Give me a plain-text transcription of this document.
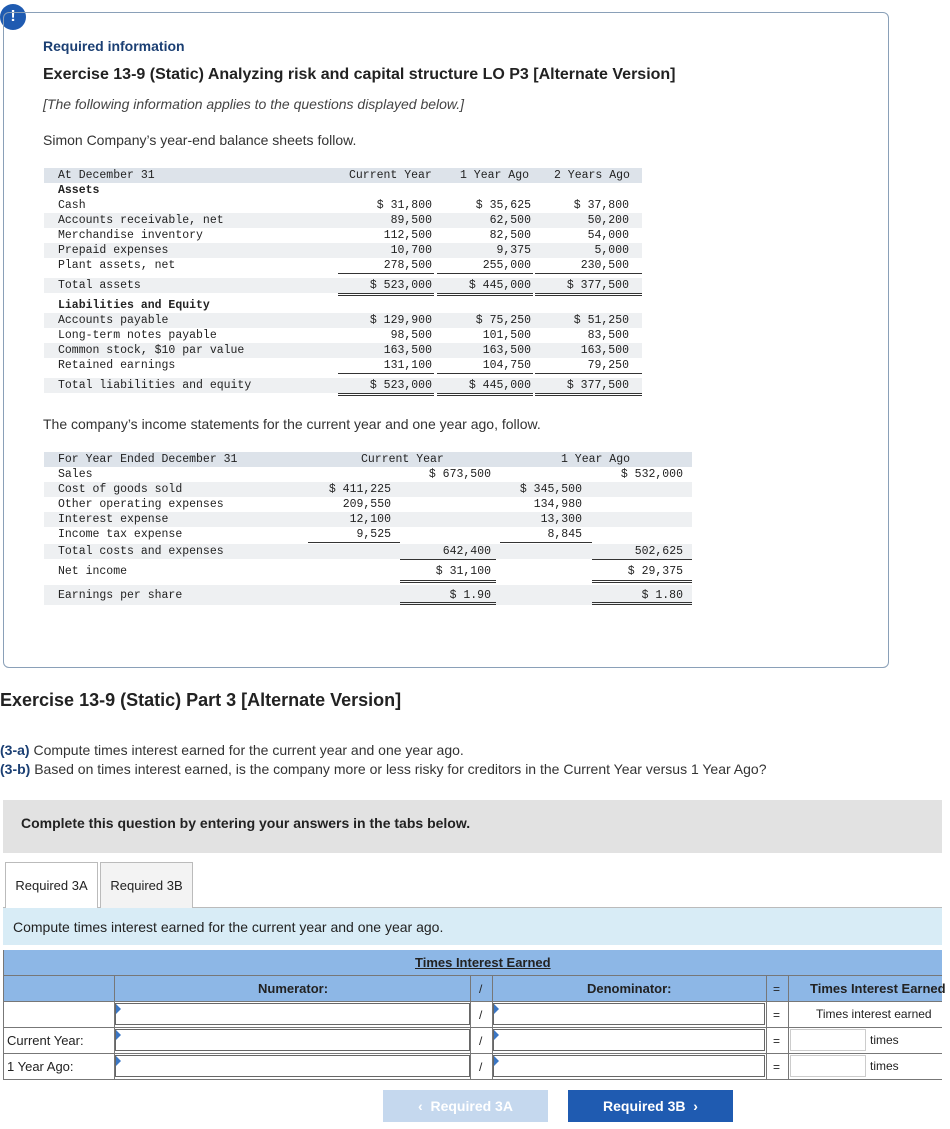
!
Required information
Exercise 13-9 (Static) Analyzing risk and capital structure LO P3 [Alternate Version]
[The following information applies to the questions displayed below.]
Simon Company’s year-end balance sheets follow.
At December 31	Current Year 1 Year Ago 2 Years Ago
Assets
Cash	$ 31,800	$ 35,625	$ 37,800
Accounts receivable, net	89,500	62,500	50,200
Merchandise inventory	112,500	82,500	54,000
Prepaid expenses	10,700	9,375	5,000
Plant assets, net	278,500	255,000	230,500
Total assets	$ 523,000	$ 445,000	$ 377,500
Liabilities and Equity
Accounts payable	$ 129,900	$ 75,250	$ 51,250
Long-term notes payable	98,500	101,500	83,500
Common stock, $10 par value	163,500	163,500	163,500
Retained earnings	131,100	104,750	79,250
Total liabilities and equity	$ 523,000	$ 445,000	$ 377,500
The company’s income statements for the current year and one year ago, follow.
For Year Ended December 31	Current Year	1 Year Ago
Sales	$ 673,500	$ 532,000
Cost of goods sold	$ 411,225	$ 345,500
Other operating expenses	209,550	134,980
Interest expense	12,100	13,300
Income tax expense	9,525	8,845
Total costs and expenses	642,400	502,625
Net income	$ 31,100	$ 29,375
Earnings per share	$ 1.90	$ 1.80
Exercise 13-9 (Static) Part 3 [Alternate Version]
(3-a) Compute times interest earned for the current year and one year ago.
(3-b) Based on times interest earned, is the company more or less risky for creditors in the Current Year versus 1 Year Ago?
Complete this question by entering your answers in the tabs below.
Required 3A	Required 3B
Compute times interest earned for the current year and one year ago.
Times Interest Earned
Numerator:	/	Denominator:	= Times Interest Earned
/	=	Times interest earned
Current Year:	/	=	times
1 Year Ago:	/	=	times
‹ Required 3A	Required 3B ›
